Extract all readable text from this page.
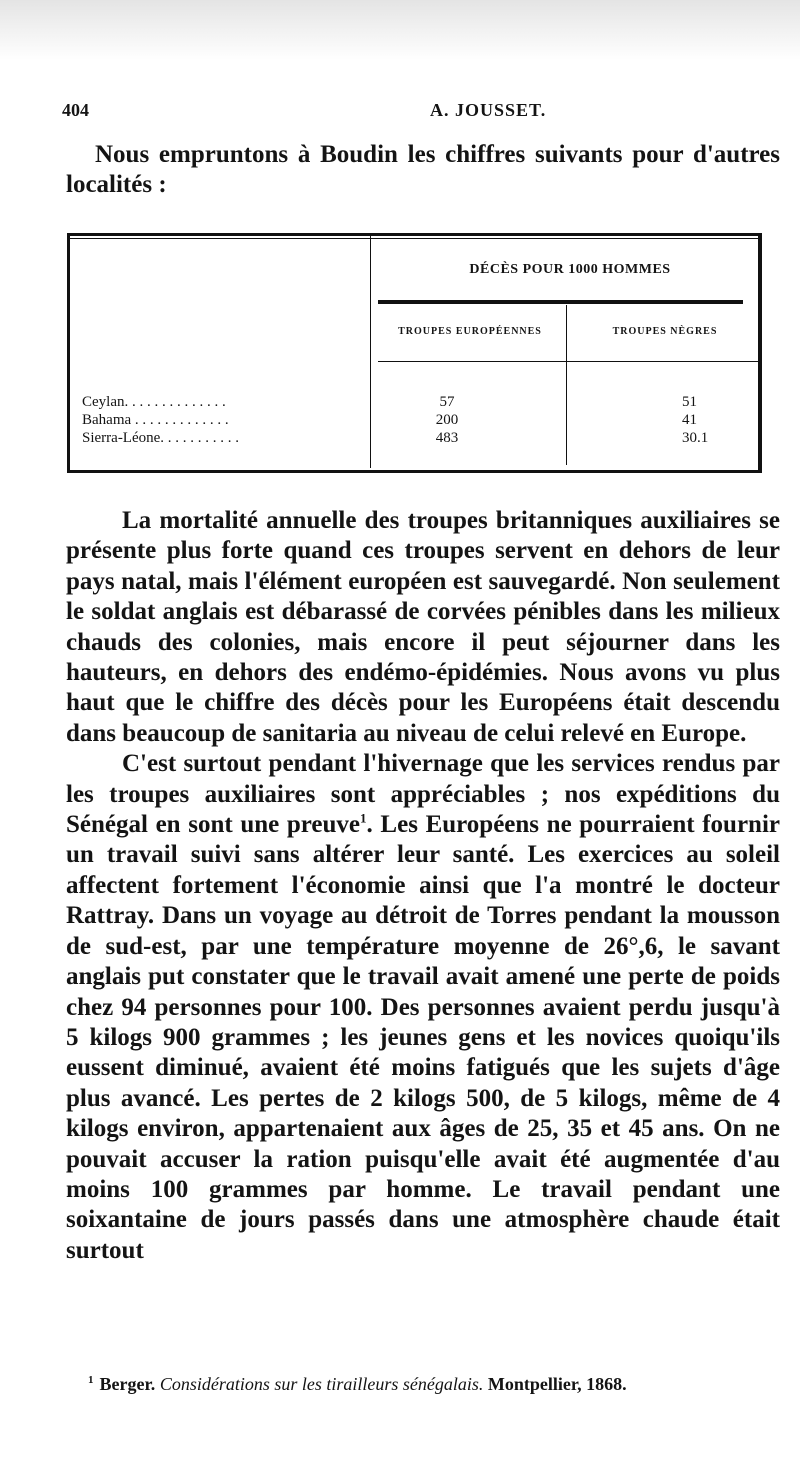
404	A. JOUSSET.
Nous empruntons à Boudin les chiffres suivants pour d'autres localités :
DÉCÈS POUR 1000 HOMMES
TROUPES EUROPÉENNES	TROUPES NÈGRES
Ceylan. . . . . . . . . . . . . .	57	51
Bahama . . . . . . . . . . . . .	200	41
Sierra-Léone. . . . . . . . . . .	483	30.1

La mortalité annuelle des troupes britanniques auxiliaires se présente plus forte quand ces troupes servent en dehors de leur pays natal, mais l'élément européen est sauvegardé. Non seulement le soldat anglais est débarassé de corvées pénibles dans les milieux chauds des colonies, mais encore il peut séjourner dans les hauteurs, en dehors des endémo-épidémies. Nous avons vu plus haut que le chiffre des décès pour les Européens était descendu dans beaucoup de sanitaria au niveau de celui relevé en Europe.

C'est surtout pendant l'hivernage que les services rendus par les troupes auxiliaires sont appréciables ; nos expéditions du Sénégal en sont une preuve$^1$. Les Européens ne pourraient fournir un travail suivi sans altérer leur santé. Les exercices au soleil affectent fortement l'économie ainsi que l'a montré le docteur Rattray. Dans un voyage au détroit de Torres pendant la mousson de sud-est, par une température moyenne de 26°,6, le savant anglais put constater que le travail avait amené une perte de poids chez 94 personnes pour 100. Des personnes avaient perdu jusqu'à 5 kilogs 900 grammes ; les jeunes gens et les novices quoiqu'ils eussent diminué, avaient été moins fatigués que les sujets d'âge plus avancé. Les pertes de 2 kilogs 500, de 5 kilogs, même de 4 kilogs environ, appartenaient aux âges de 25, 35 et 45 ans. On ne pouvait accuser la ration puisqu'elle avait été augmentée d'au moins 100 grammes par homme. Le travail pendant une soixantaine de jours passés dans une atmosphère chaude était surtout

$^1$ Berger. Considérations sur les tirailleurs sénégalais. Montpellier, 1868.
